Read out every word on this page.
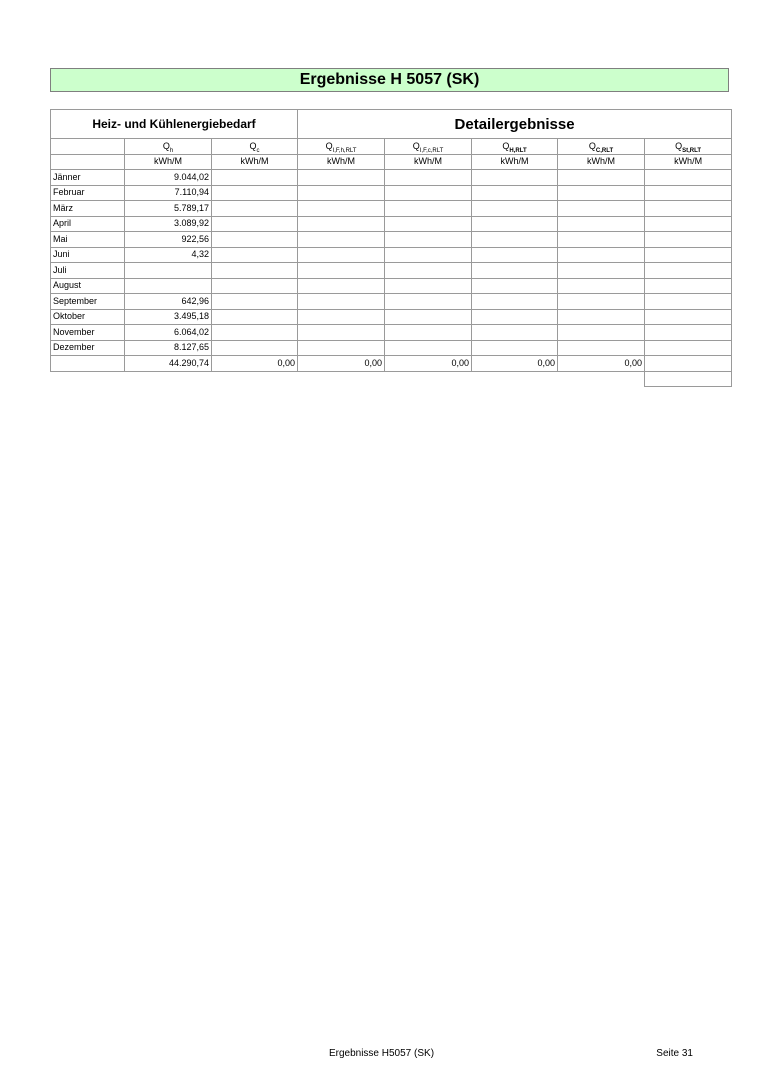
Ergebnisse H 5057 (SK)
Heiz- und Kühlenergiebedarf			Detailergebnisse				
	$Q_h$	$Q_c$	$Q_{I,F,h,RLT}$	$Q_{I,F,c,RLT}$	$Q_{H,RLT}$	$Q_{C,RLT}$	$Q_{St,RLT}$
	kWh/M	kWh/M	kWh/M	kWh/M	kWh/M	kWh/M	kWh/M
Jänner	9.044,02						
Februar	7.110,94						
März	5.789,17						
April	3.089,92						
Mai	922,56						
Juni	4,32						
Juli							
August							
September	642,96						
Oktober	3.495,18						
November	6.064,02						
Dezember	8.127,65						
	44.290,74	0,00	0,00	0,00	0,00	0,00	

Ergebnisse H5057 (SK)	Seite 31
